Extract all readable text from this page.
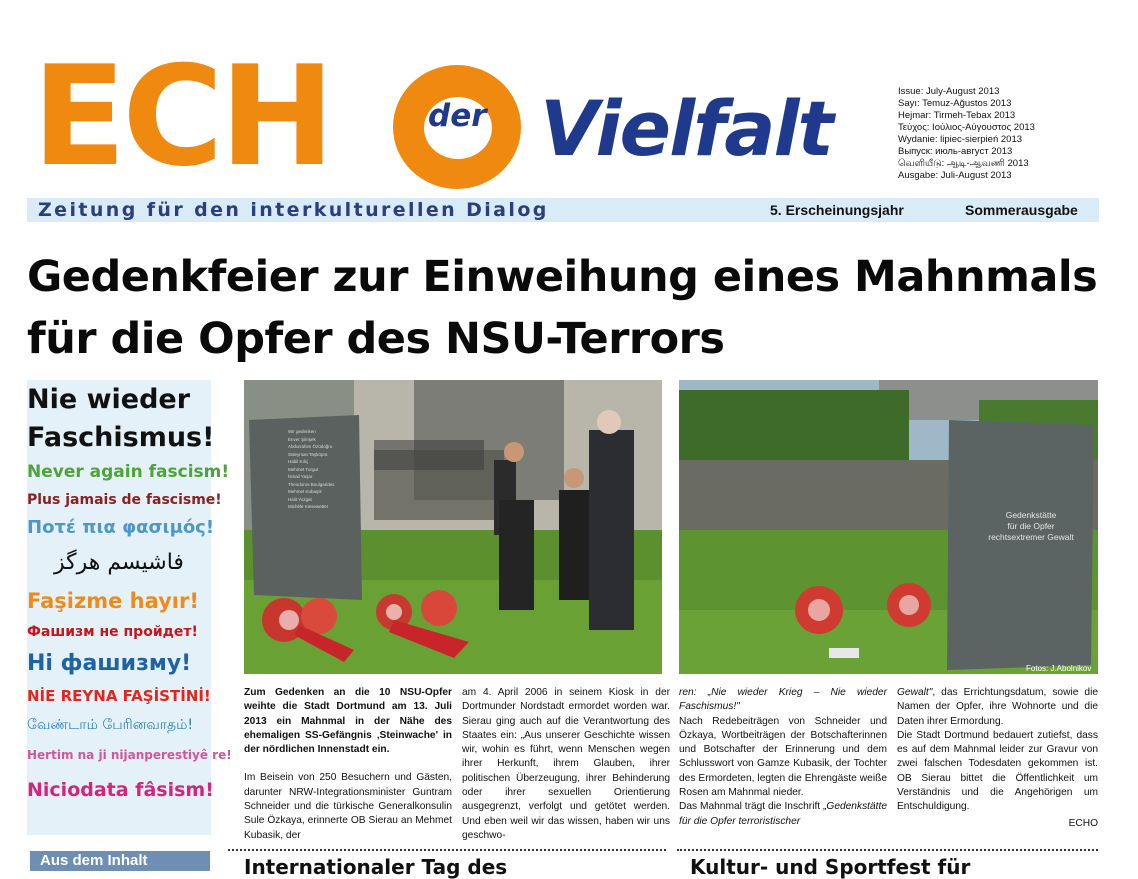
ECH	der Vielfalt	Issue: July-August 2013
Sayı: Temuz-Ağustos 2013
Hejmar: Tirmeh-Tebax 2013
Τεύχος: Ιούλιος-Αύγουστος 2013
Wydanie: lipiec-sierpień 2013
Выпуск: июль-август 2013
வெளியீடு: ஆடி-ஆவணி 2013
Ausgabe: Juli-August 2013
Zeitung für den interkulturellen Dialog	5. Erscheinungsjahr	Sommerausgabe
Gedenkfeier zur Einweihung eines Mahnmals für die Opfer des NSU-Terrors
Nie wieder
Faschismus!
Never again fascism!
Plus jamais de fascisme!
Ποτέ πια φασιμός!
فاشیسم هرگز
Faşizme hayır!
Фашизм не пройдет!
Ні фашизму!
NİE REYNA FAŞİSTİNİ!
வேண்டாம் பேரினவாதம்!
Hertim na ji nijanperestiyê re!
Niciodata fâsism!
Aus dem Inhalt
Wir gedenken
Enver Şimşek
Abdurrahim Özüdoğru
Süleyman Taşköprü
Habil Kılıç
Mehmet Turgut
İsmail Yaşar
Theodoros Boulgarides
Mehmet Kubaşık
Halit Yozgat
Michèle Kiesewetter
Gedenkstätte
für die Opfer
rechtsextremer Gewalt
Fotos: J.Abolnikov

Zum Gedenken an die 10 NSU-Opfer weihte die Stadt Dortmund am 13. Juli 2013 ein Mahnmal in der Nähe des ehemaligen SS-Gefängnis ‚Steinwache' in der nördlichen Innenstadt ein.

Im Beisein von 250 Besuchern und Gästen, darunter NRW-Integrationsminister Guntram Schneider und die türkische Generalkonsulin Sule Özkaya, erinnerte OB Sierau an Mehmet Kubasik, der

am 4. April 2006 in seinem Kiosk in der Dortmunder Nordstadt ermordet worden war. Sierau ging auch auf die Verantwortung des Staates ein: „Aus unserer Geschichte wissen wir, wohin es führt, wenn Menschen wegen ihrer Herkunft, ihrem Glauben, ihrer politischen Überzeugung, ihrer Behinderung oder ihrer sexuellen Orientierung ausgegrenzt, verfolgt und getötet werden. Und eben weil wir das wissen, haben wir uns geschwo-

ren: „Nie wieder Krieg – Nie wieder Faschismus!"

Nach Redebeiträgen von Schneider und Özkaya, Wortbeiträgen der Botschafterinnen und Botschafter der Erinnerung und dem Schlusswort von Gamze Kubasik, der Tochter des Ermordeten, legten die Ehrengäste weiße Rosen am Mahnmal nieder.

Das Mahnmal trägt die Inschrift „Gedenkstätte für die Opfer terroristischer

Gewalt", das Errichtungsdatum, sowie die Namen der Opfer, ihre Wohnorte und die Daten ihrer Ermordung.

Die Stadt Dortmund bedauert zutiefst, dass es auf dem Mahnmal leider zur Gravur von zwei falschen Todesdaten gekommen ist. OB Sierau bittet die Öffentlichkeit um Verständnis und die Angehörigen um Entschuldigung.

ECHO

Internationaler Tag des	Kultur- und Sportfest für
